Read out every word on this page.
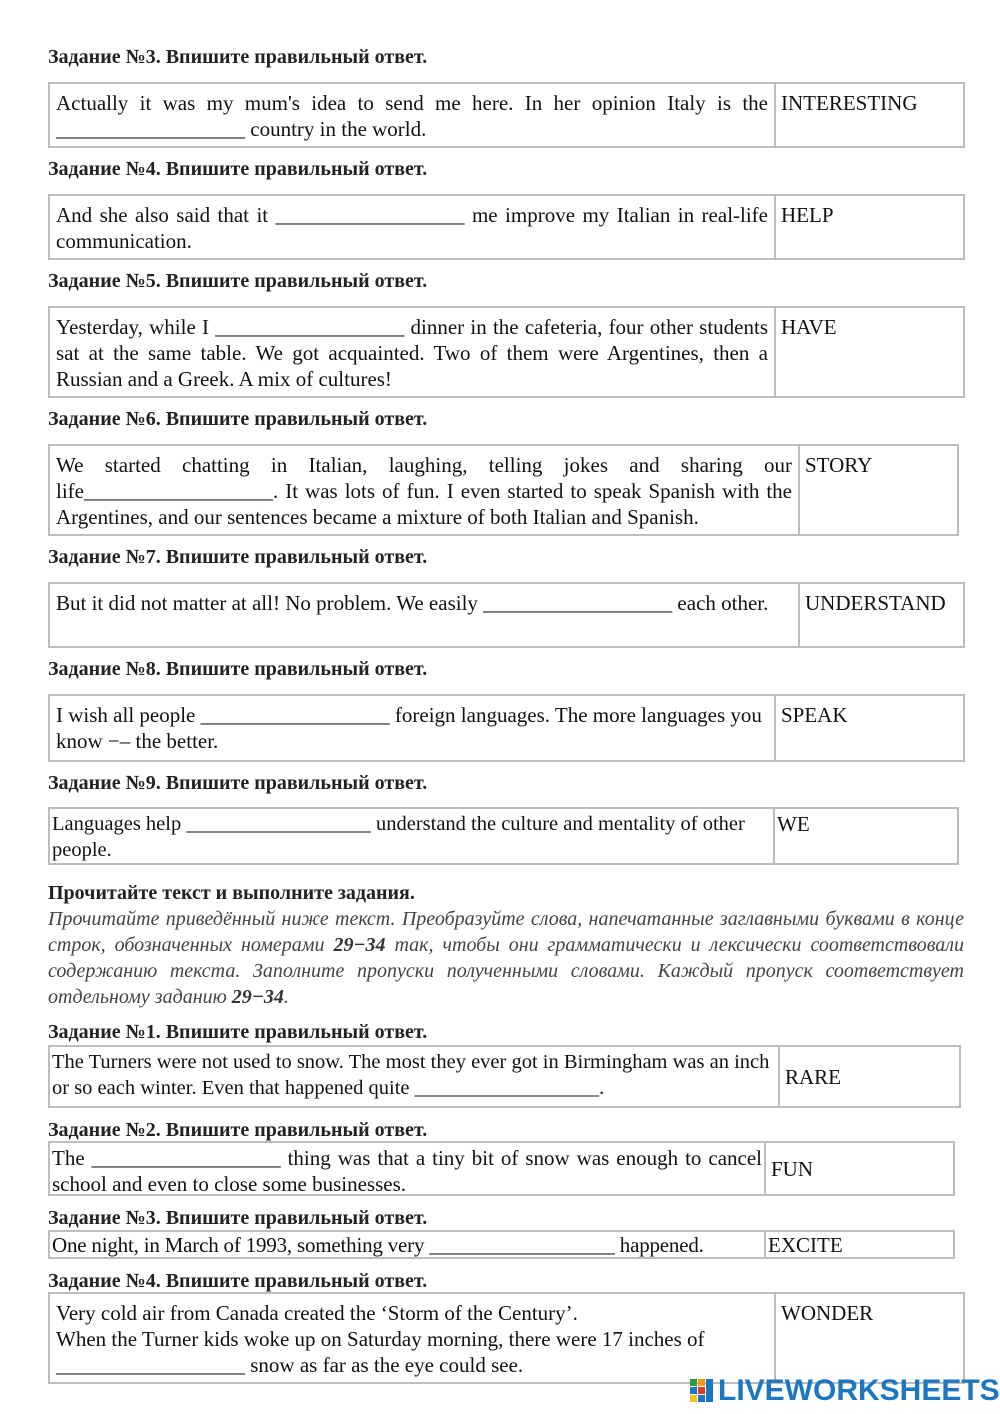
Задание №3. Впишите правильный ответ.
Actually it was my mum's idea to send me here. In her opinion Italy is the __________________ country in the world.
INTERESTING
Задание №4. Впишите правильный ответ.
And she also said that it __________________ me improve my Italian in real-life communication.
HELP
Задание №5. Впишите правильный ответ.
Yesterday, while I __________________ dinner in the cafeteria, four other students sat at the same table. We got acquainted. Two of them were Argentines, then a Russian and a Greek. A mix of cultures!
HAVE
Задание №6. Впишите правильный ответ.
We started chatting in Italian, laughing, telling jokes and sharing our life__________________. It was lots of fun. I even started to speak Spanish with the Argentines, and our sentences became a mixture of both Italian and Spanish.
STORY
Задание №7. Впишите правильный ответ.
But it did not matter at all! No problem. We easily __________________ each other.	UNDERSTAND
Задание №8. Впишите правильный ответ.
I wish all people __________________ foreign languages. The more languages you know −– the better.
SPEAK
Задание №9. Впишите правильный ответ.
Languages help __________________ understand the culture and mentality of other people.
WE
Прочитайте текст и выполните задания.
Прочитайте приведённый ниже текст. Преобразуйте слова, напечатанные заглавными буквами в конце строк, обозначенных номерами 29−34 так, чтобы они грамматически и лексически соответствовали содержанию текста. Заполните пропуски полученными словами. Каждый пропуск соответствует отдельному заданию 29−34.
Задание №1. Впишите правильный ответ.
The Turners were not used to snow. The most they ever got in Birmingham was an inch or so each winter. Even that happened quite __________________.	RARE
Задание №2. Впишите правильный ответ.
The __________________ thing was that a tiny bit of snow was enough to cancel school and even to close some businesses.
FUN
Задание №3. Впишите правильный ответ.
One night, in March of 1993, something very __________________ happened.	EXCITE
Задание №4. Впишите правильный ответ.
Very cold air from Canada created the ‘Storm of the Century’.
When the Turner kids woke up on Saturday morning, there were 17 inches of __________________ snow as far as the eye could see.
WONDER
LIVEWORKSHEETS
